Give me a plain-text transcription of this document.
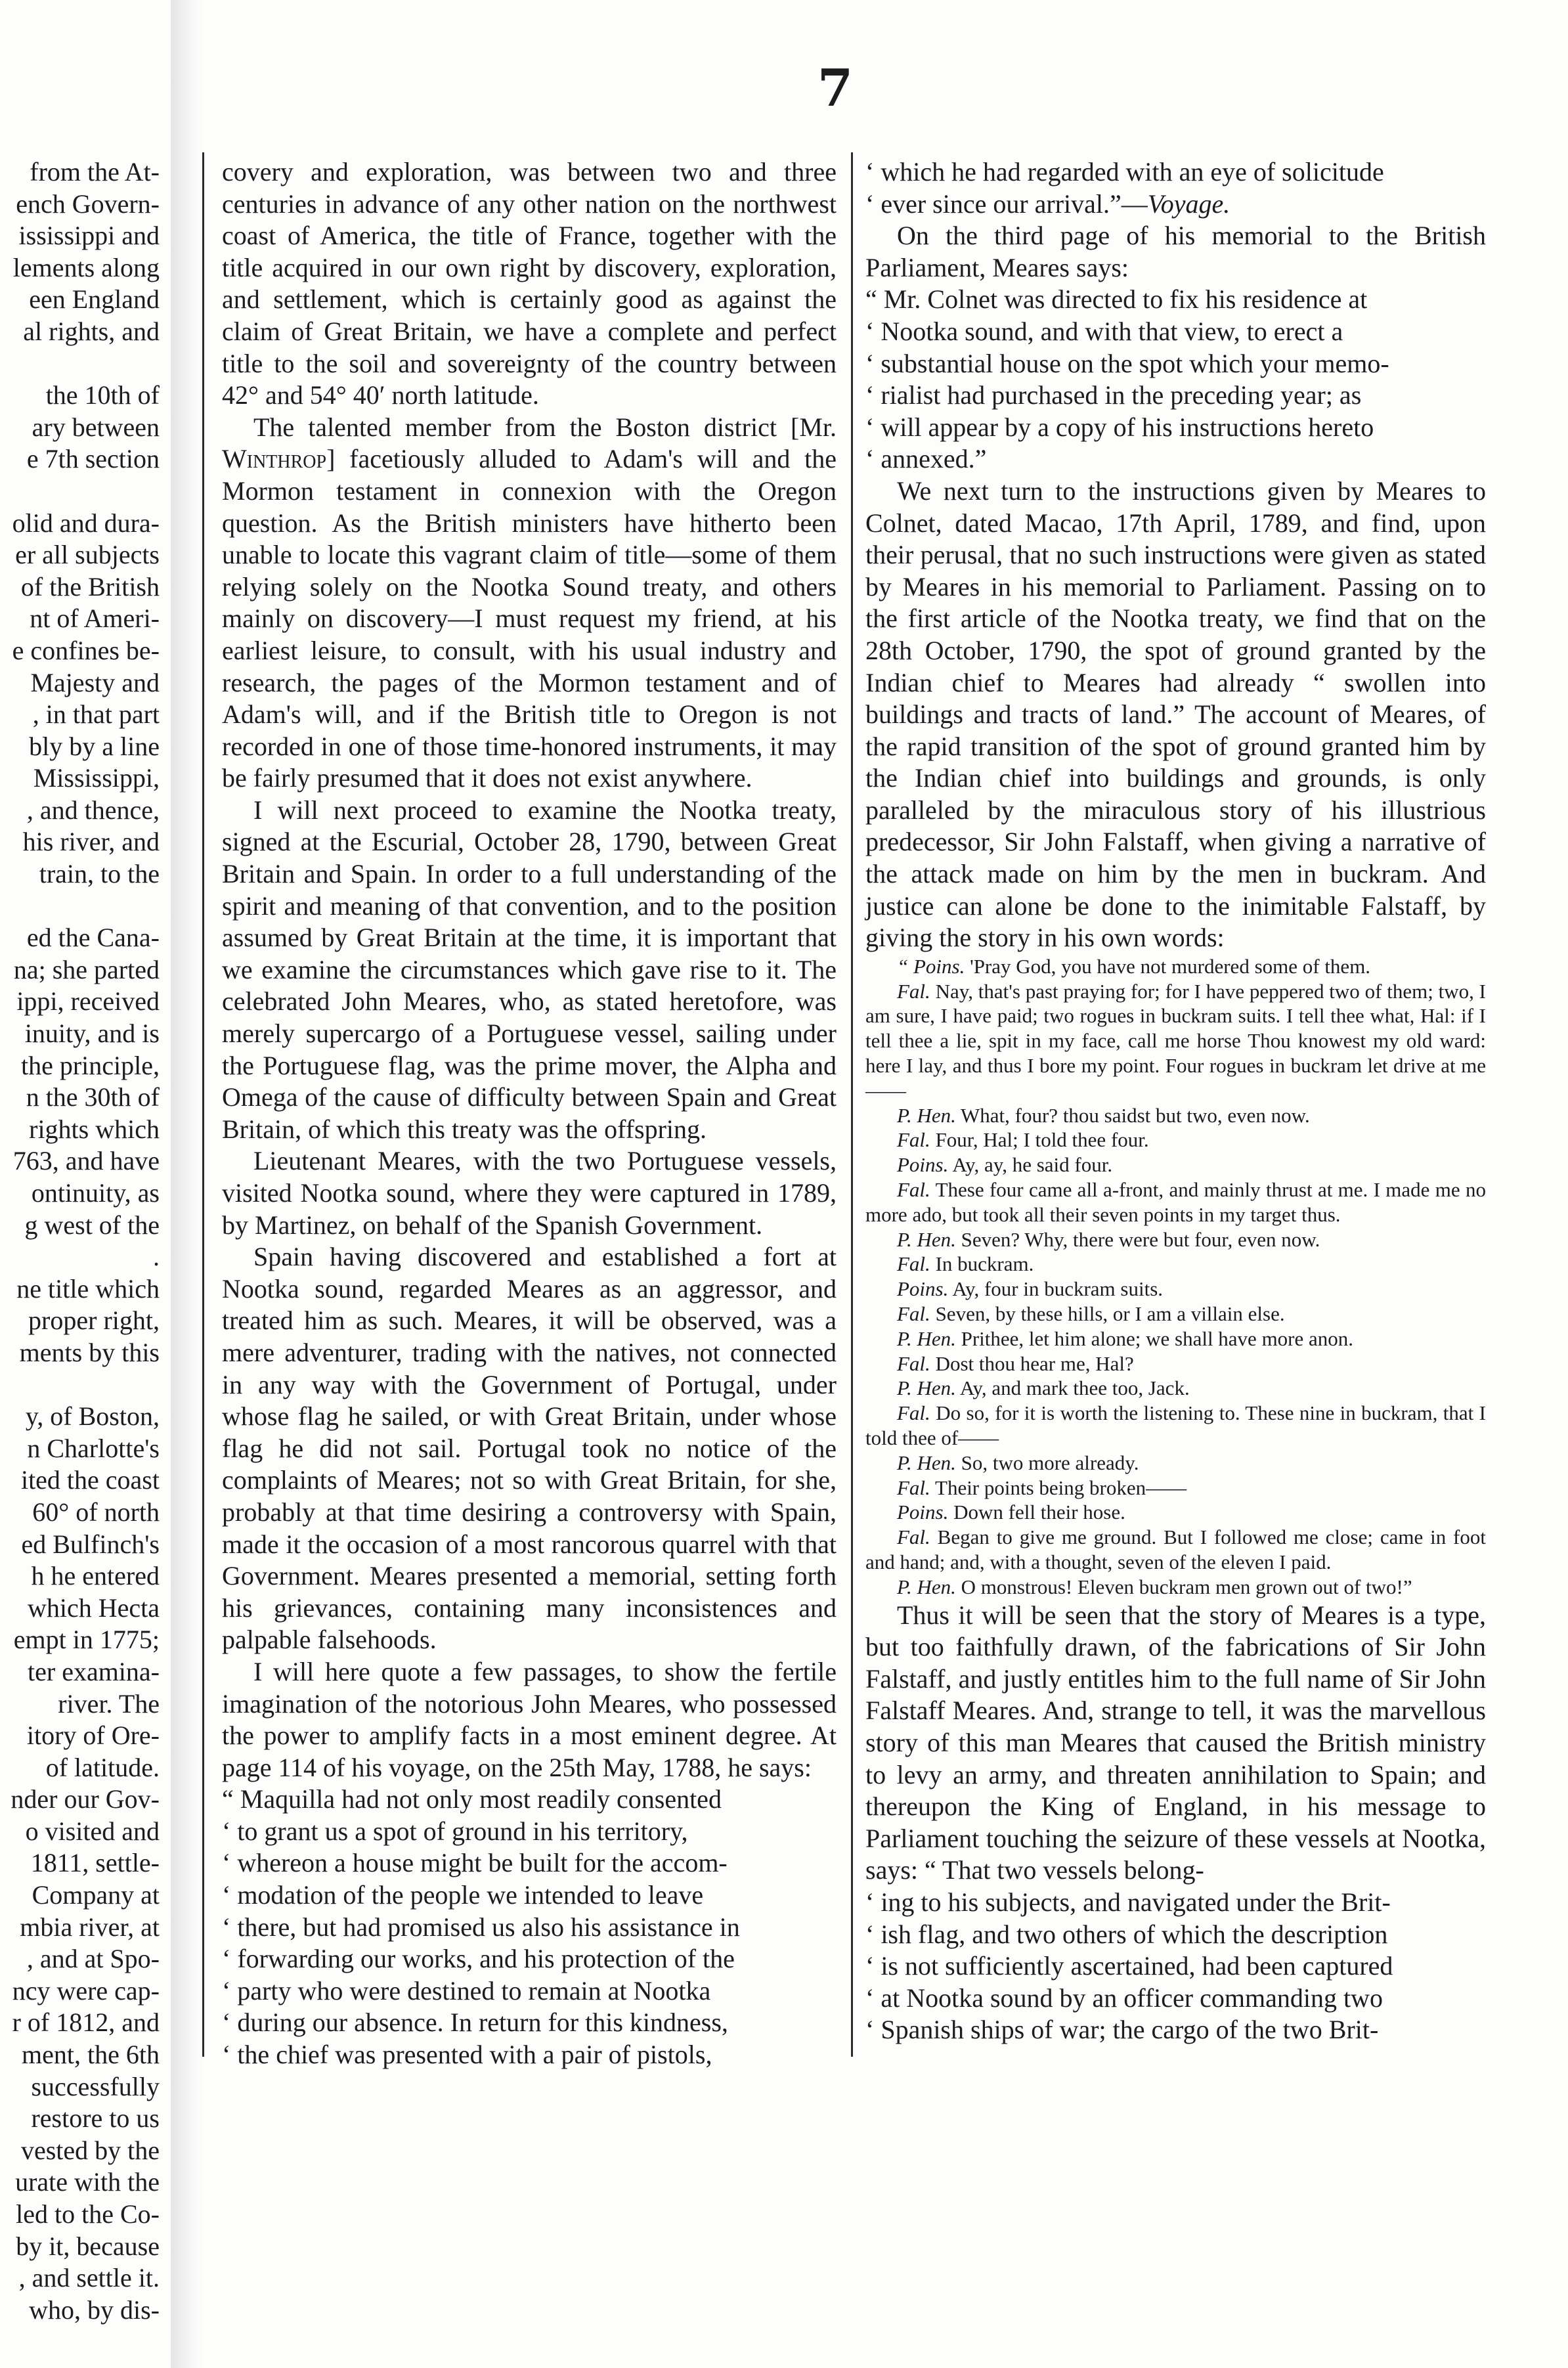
7
from the At-
ench Govern-
ississippi and
lements along
een England
al rights, and

the 10th of
ary between
e 7th section

olid and dura-
er all subjects
of the British
nt of Ameri-
e confines be-
Majesty and
, in that part
bly by a line
Mississippi,
, and thence,
his river, and
train, to the

ed the Cana-
na; she parted
ippi, received
inuity, and is
the principle,
n the 30th of
rights which
763, and have
ontinuity, as
g west of the
.
ne title which
proper right,
ments by this

y, of Boston,
n Charlotte's
ited the coast
60° of north
ed Bulfinch's
h he entered
which Hecta
empt in 1775;
ter examina-
river. The
itory of Ore-
of latitude.
nder our Gov-
o visited and
1811, settle-
Company at
mbia river, at
, and at Spo-
ncy were cap-
r of 1812, and
ment, the 6th
successfully
restore to us
vested by the
urate with the
led to the Co-
by it, because
, and settle it.
who, by dis-

covery and exploration, was between two and three centuries in advance of any other nation on the northwest coast of America, the title of France, together with the title acquired in our own right by discovery, exploration, and settlement, which is certainly good as against the claim of Great Britain, we have a complete and perfect title to the soil and sovereignty of the country between 42° and 54° 40′ north latitude.

The talented member from the Boston district [Mr. Winthrop] facetiously alluded to Adam's will and the Mormon testament in connexion with the Oregon question. As the British ministers have hitherto been unable to locate this vagrant claim of title—some of them relying solely on the Nootka Sound treaty, and others mainly on discovery—I must request my friend, at his earliest leisure, to consult, with his usual industry and research, the pages of the Mormon testament and of Adam's will, and if the British title to Oregon is not recorded in one of those time-honored instruments, it may be fairly presumed that it does not exist anywhere.

I will next proceed to examine the Nootka treaty, signed at the Escurial, October 28, 1790, between Great Britain and Spain. In order to a full understanding of the spirit and meaning of that convention, and to the position assumed by Great Britain at the time, it is important that we examine the circumstances which gave rise to it. The celebrated John Meares, who, as stated heretofore, was merely supercargo of a Portuguese vessel, sailing under the Portuguese flag, was the prime mover, the Alpha and Omega of the cause of difficulty between Spain and Great Britain, of which this treaty was the offspring.

Lieutenant Meares, with the two Portuguese vessels, visited Nootka sound, where they were captured in 1789, by Martinez, on behalf of the Spanish Government.

Spain having discovered and established a fort at Nootka sound, regarded Meares as an aggressor, and treated him as such. Meares, it will be observed, was a mere adventurer, trading with the natives, not connected in any way with the Government of Portugal, under whose flag he sailed, or with Great Britain, under whose flag he did not sail. Portugal took no notice of the complaints of Meares; not so with Great Britain, for she, probably at that time desiring a controversy with Spain, made it the occasion of a most rancorous quarrel with that Government. Meares presented a memorial, setting forth his grievances, containing many inconsistences and palpable falsehoods.

I will here quote a few passages, to show the fertile imagination of the notorious John Meares, who possessed the power to amplify facts in a most eminent degree. At page 114 of his voyage, on the 25th May, 1788, he says:

“ Maquilla had not only most readily consented
‘ to grant us a spot of ground in his territory,
‘ whereon a house might be built for the accom-
‘ modation of the people we intended to leave
‘ there, but had promised us also his assistance in
‘ forwarding our works, and his protection of the
‘ party who were destined to remain at Nootka
‘ during our absence. In return for this kindness,
‘ the chief was presented with a pair of pistols,
‘ which he had regarded with an eye of solicitude
‘ ever since our arrival.”—Voyage.

On the third page of his memorial to the British Parliament, Meares says:

“ Mr. Colnet was directed to fix his residence at
‘ Nootka sound, and with that view, to erect a
‘ substantial house on the spot which your memo-
‘ rialist had purchased in the preceding year; as
‘ will appear by a copy of his instructions hereto
‘ annexed.”

We next turn to the instructions given by Meares to Colnet, dated Macao, 17th April, 1789, and find, upon their perusal, that no such instructions were given as stated by Meares in his memorial to Parliament. Passing on to the first article of the Nootka treaty, we find that on the 28th October, 1790, the spot of ground granted by the Indian chief to Meares had already “ swollen into buildings and tracts of land.” The account of Meares, of the rapid transition of the spot of ground granted him by the Indian chief into buildings and grounds, is only paralleled by the miraculous story of his illustrious predecessor, Sir John Falstaff, when giving a narrative of the attack made on him by the men in buckram. And justice can alone be done to the inimitable Falstaff, by giving the story in his own words:

“ Poins. 'Pray God, you have not murdered some of them.

Fal. Nay, that's past praying for; for I have peppered two of them; two, I am sure, I have paid; two rogues in buckram suits. I tell thee what, Hal: if I tell thee a lie, spit in my face, call me horse Thou knowest my old ward: here I lay, and thus I bore my point. Four rogues in buckram let drive at me——

P. Hen. What, four? thou saidst but two, even now.

Fal. Four, Hal; I told thee four.

Poins. Ay, ay, he said four.

Fal. These four came all a-front, and mainly thrust at me. I made me no more ado, but took all their seven points in my target thus.

P. Hen. Seven? Why, there were but four, even now.

Fal. In buckram.

Poins. Ay, four in buckram suits.

Fal. Seven, by these hills, or I am a villain else.

P. Hen. Prithee, let him alone; we shall have more anon.

Fal. Dost thou hear me, Hal?

P. Hen. Ay, and mark thee too, Jack.

Fal. Do so, for it is worth the listening to. These nine in buckram, that I told thee of——

P. Hen. So, two more already.

Fal. Their points being broken——

Poins. Down fell their hose.

Fal. Began to give me ground. But I followed me close; came in foot and hand; and, with a thought, seven of the eleven I paid.

P. Hen. O monstrous! Eleven buckram men grown out of two!”

Thus it will be seen that the story of Meares is a type, but too faithfully drawn, of the fabrications of Sir John Falstaff, and justly entitles him to the full name of Sir John Falstaff Meares. And, strange to tell, it was the marvellous story of this man Meares that caused the British ministry to levy an army, and threaten annihilation to Spain; and thereupon the King of England, in his message to Parliament touching the seizure of these vessels at Nootka, says: “ That two vessels belong-

‘ ing to his subjects, and navigated under the Brit-
‘ ish flag, and two others of which the description
‘ is not sufficiently ascertained, had been captured
‘ at Nootka sound by an officer commanding two
‘ Spanish ships of war; the cargo of the two Brit-
